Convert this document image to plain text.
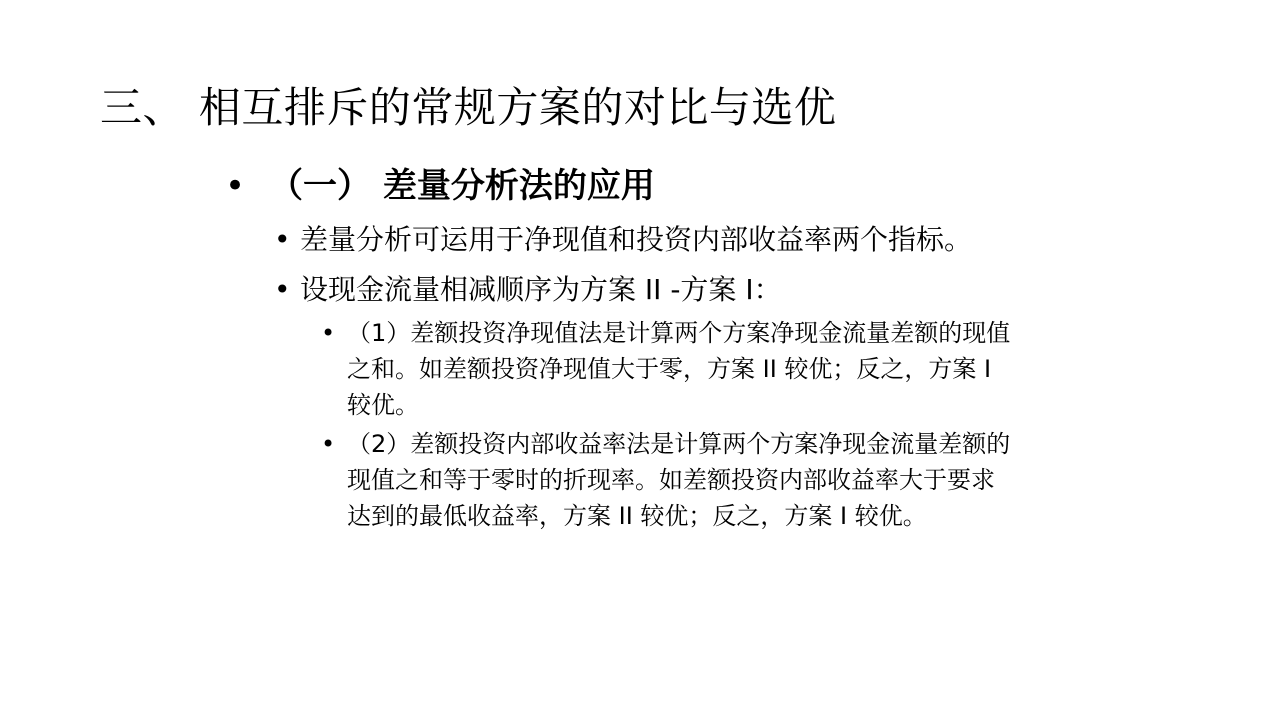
三、 相互排斥的常规方案的对比与选优
• （一） 差量分析法的应用
• 差量分析可运用于净现值和投资内部收益率两个指标。
• 设现金流量相减顺序为方案 II -方案 I：
• （1）差额投资净现值法是计算两个方案净现金流量差额的现值
之和。如差额投资净现值大于零，方案 II 较优；反之，方案 I
较优。
• （2）差额投资内部收益率法是计算两个方案净现金流量差额的
现值之和等于零时的折现率。如差额投资内部收益率大于要求
达到的最低收益率，方案 II 较优；反之，方案 I 较优。
